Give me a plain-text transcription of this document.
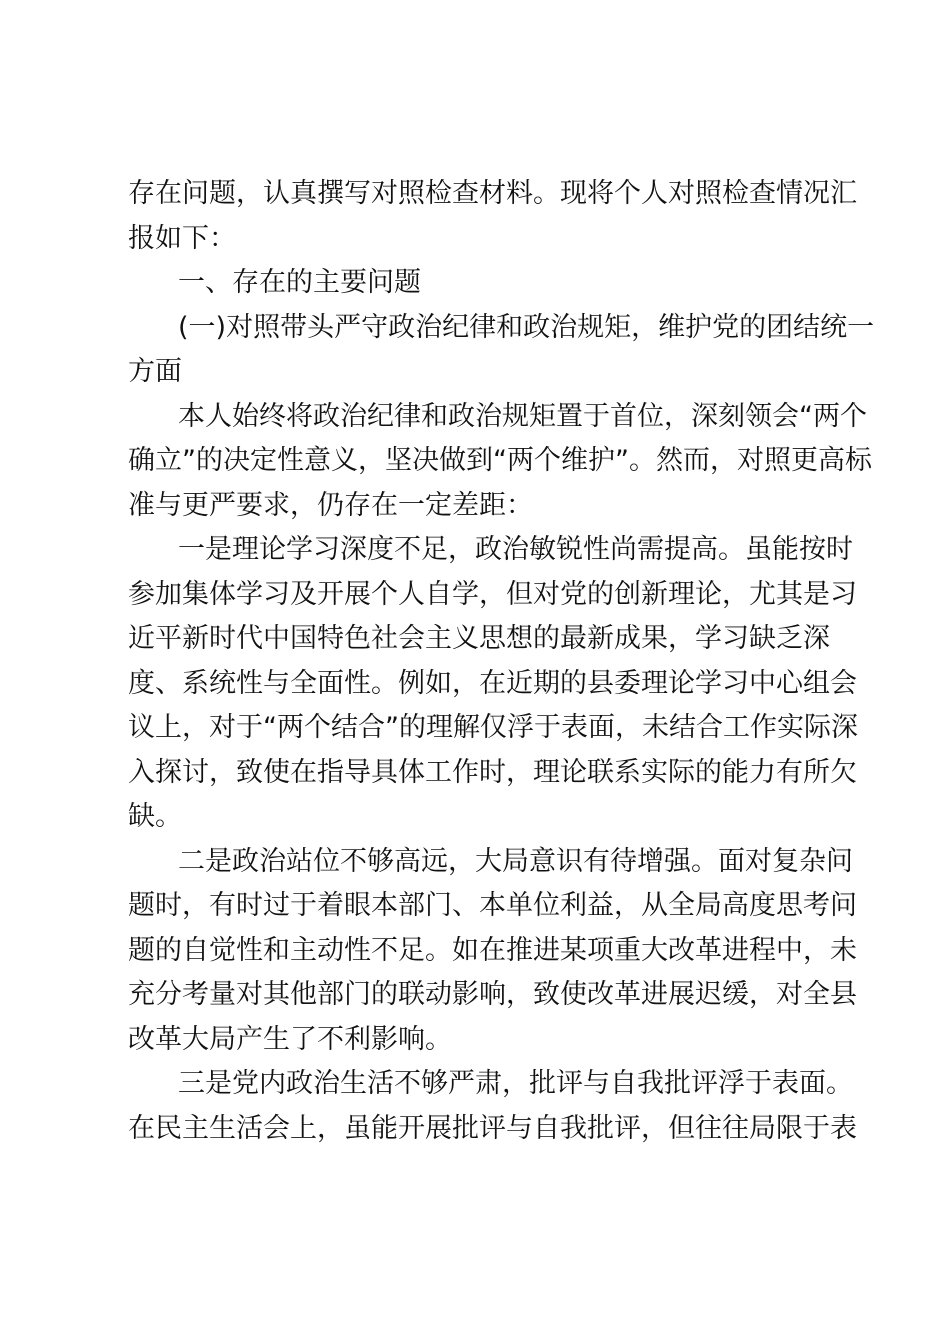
存在问题，认真撰写对照检查材料。现将个人对照检查情况汇

报如下：

一、存在的主要问题

(一)对照带头严守政治纪律和政治规矩，维护党的团结统一

方面

本人始终将政治纪律和政治规矩置于首位，深刻领会“两个

确立”的决定性意义，坚决做到“两个维护”。然而，对照更高标

准与更严要求，仍存在一定差距：

一是理论学习深度不足，政治敏锐性尚需提高。虽能按时

参加集体学习及开展个人自学，但对党的创新理论，尤其是习

近平新时代中国特色社会主义思想的最新成果，学习缺乏深

度、系统性与全面性。例如，在近期的县委理论学习中心组会

议上，对于“两个结合”的理解仅浮于表面，未结合工作实际深

入探讨，致使在指导具体工作时，理论联系实际的能力有所欠

缺。

二是政治站位不够高远，大局意识有待增强。面对复杂问

题时，有时过于着眼本部门、本单位利益，从全局高度思考问

题的自觉性和主动性不足。如在推进某项重大改革进程中，未

充分考量对其他部门的联动影响，致使改革进展迟缓，对全县

改革大局产生了不利影响。

三是党内政治生活不够严肃，批评与自我批评浮于表面。

在民主生活会上，虽能开展批评与自我批评，但往往局限于表
